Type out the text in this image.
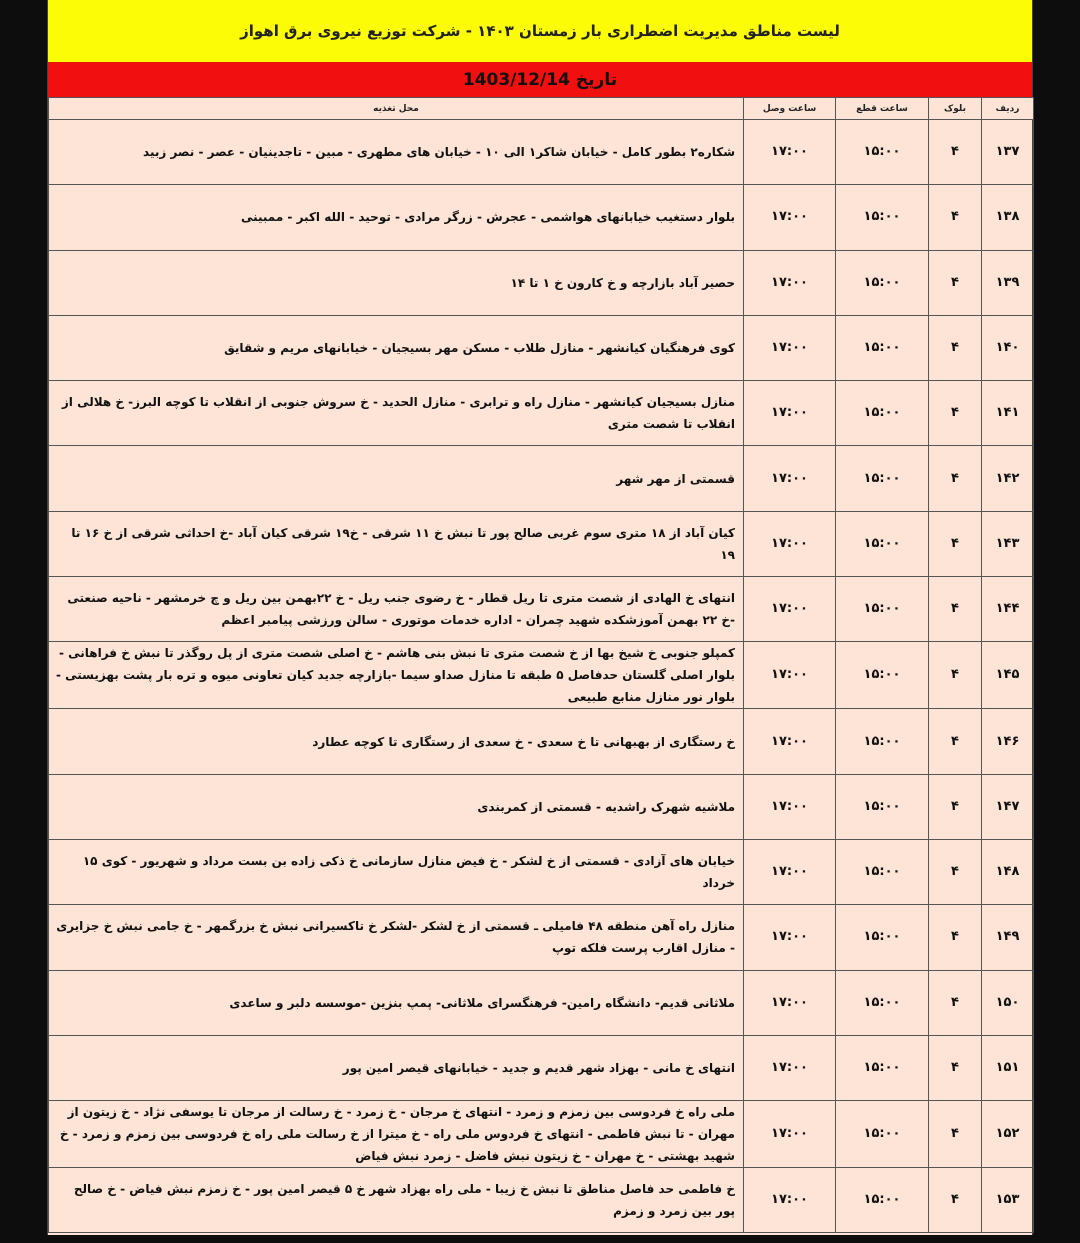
لیست مناطق مدیریت اضطراری بار زمستان ۱۴۰۳ - شرکت توزیع نیروی برق اهواز
تاریخ
1403/12/14
ردیف	بلوک	ساعت قطع	ساعت وصل	محل تغذیه
۱۳۷	۴	۱۵:۰۰	۱۷:۰۰	شکاره۲ بطور کامل - خیابان شاکر۱ الی ۱۰ - خیابان های مطهری - مبین - تاجدینیان - عصر - نصر زبید
۱۳۸	۴	۱۵:۰۰	۱۷:۰۰	بلوار دستغیب خیابانهای هواشمی - عجرش - زرگر مرادی - توحید - الله اکبر - ممبینی
۱۳۹	۴	۱۵:۰۰	۱۷:۰۰	حصیر آباد بازارچه و خ کارون خ ۱ تا ۱۴
۱۴۰	۴	۱۵:۰۰	۱۷:۰۰	کوی فرهنگیان کیانشهر - منازل طلاب - مسکن مهر بسیجیان - خیابانهای مریم و شقایق
۱۴۱	۴	۱۵:۰۰	۱۷:۰۰	منازل بسیجیان کیانشهر - منازل راه و ترابری - منازل الحدید - خ سروش جنوبی از انقلاب تا کوچه البرز- خ هلالی از انقلاب تا شصت متری
۱۴۲	۴	۱۵:۰۰	۱۷:۰۰	قسمتی از مهر شهر
۱۴۳	۴	۱۵:۰۰	۱۷:۰۰	کیان آباد از ۱۸ متری سوم غربی صالح پور تا نبش خ ۱۱ شرقی - خ۱۹ شرقی کیان آباد -خ احداثی شرقی از خ ۱۶ تا ۱۹
۱۴۴	۴	۱۵:۰۰	۱۷:۰۰	انتهای خ الهادی از شصت متری تا ریل قطار - خ رضوی جنب ریل - خ ۲۲بهمن بین ریل و چ خرمشهر - ناحیه صنعتی -خ ۲۲ بهمن آموزشکده شهید چمران - اداره خدمات موتوری - سالن ورزشی پیامبر اعظم
۱۴۵	۴	۱۵:۰۰	۱۷:۰۰	کمپلو جنوبی خ شیخ بها از خ شصت متری تا نبش بنی هاشم - خ اصلی شصت متری از پل روگذر تا نبش خ فراهانی - بلوار اصلی گلستان حدفاصل ۵ طبقه تا منازل صداو سیما -بازارچه جدید کیان تعاونی میوه و تره بار پشت بهزیستی - بلوار نور منازل منابع طبیعی
۱۴۶	۴	۱۵:۰۰	۱۷:۰۰	خ رستگاری از بهبهانی تا خ سعدی - خ سعدی از رستگاری تا کوچه عطارد
۱۴۷	۴	۱۵:۰۰	۱۷:۰۰	ملاشیه شهرک راشدیه - قسمتی از کمربندی
۱۴۸	۴	۱۵:۰۰	۱۷:۰۰	خیابان های آزادی - قسمتی از خ لشکر - خ فیض منازل سازمانی خ ذکی زاده بن بست مرداد و شهریور - کوی ۱۵ خرداد
۱۴۹	۴	۱۵:۰۰	۱۷:۰۰	منازل راه آهن منطقه ۴۸ فامیلی ـ قسمتی از خ لشکر -لشکر خ تاکسیرانی نبش خ بزرگمهر - خ جامی نبش خ جزایری - منازل اقارب پرست فلکه توپ
۱۵۰	۴	۱۵:۰۰	۱۷:۰۰	ملاثانی قدیم- دانشگاه رامین- فرهنگسرای ملاثانی- پمپ بنزین -موسسه دلبر و ساعدی
۱۵۱	۴	۱۵:۰۰	۱۷:۰۰	انتهای خ مانی - بهزاد شهر قدیم و جدید - خیابانهای قیصر امین پور
۱۵۲	۴	۱۵:۰۰	۱۷:۰۰	ملی راه خ فردوسی بین زمزم و زمرد - انتهای خ مرجان - خ زمرد - خ رسالت از مرجان تا یوسفی نژاد - خ زیتون از مهران - تا نبش فاطمی - انتهای خ فردوس ملی راه - خ میترا از خ رسالت ملی راه خ فردوسی بین زمزم و زمرد - خ شهید بهشتی - خ مهران - خ زیتون نبش فاضل - زمرد نبش فیاض
۱۵۳	۴	۱۵:۰۰	۱۷:۰۰	خ فاطمی حد فاصل مناطق تا نبش خ زیبا - ملی راه بهزاد شهر خ ۵ قیصر امین پور - خ زمزم نبش فیاض - خ صالح پور بین زمرد و زمزم
